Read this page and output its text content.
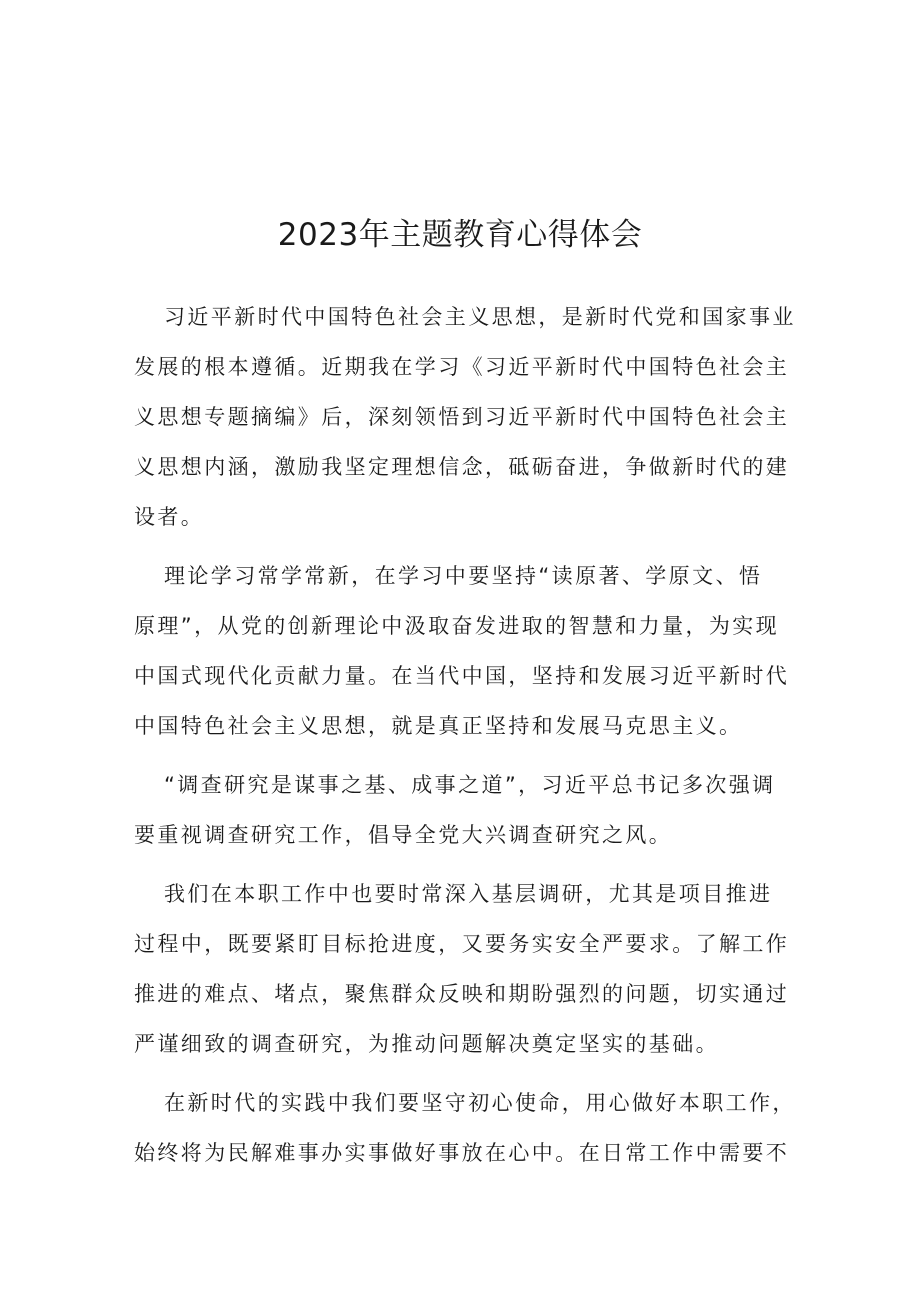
2023年主题教育心得体会

习近平新时代中国特色社会主义思想，是新时代党和国家事业
发展的根本遵循。近期我在学习《习近平新时代中国特色社会主
义思想专题摘编》后，深刻领悟到习近平新时代中国特色社会主
义思想内涵，激励我坚定理想信念，砥砺奋进，争做新时代的建
设者。

理论学习常学常新，在学习中要坚持“读原著、学原文、悟
原理”，从党的创新理论中汲取奋发进取的智慧和力量，为实现
中国式现代化贡献力量。在当代中国，坚持和发展习近平新时代
中国特色社会主义思想，就是真正坚持和发展马克思主义。

“调查研究是谋事之基、成事之道”，习近平总书记多次强调
要重视调查研究工作，倡导全党大兴调查研究之风。

我们在本职工作中也要时常深入基层调研，尤其是项目推进
过程中，既要紧盯目标抢进度，又要务实安全严要求。了解工作
推进的难点、堵点，聚焦群众反映和期盼强烈的问题，切实通过
严谨细致的调查研究，为推动问题解决奠定坚实的基础。

在新时代的实践中我们要坚守初心使命，用心做好本职工作，
始终将为民解难事办实事做好事放在心中。在日常工作中需要不
